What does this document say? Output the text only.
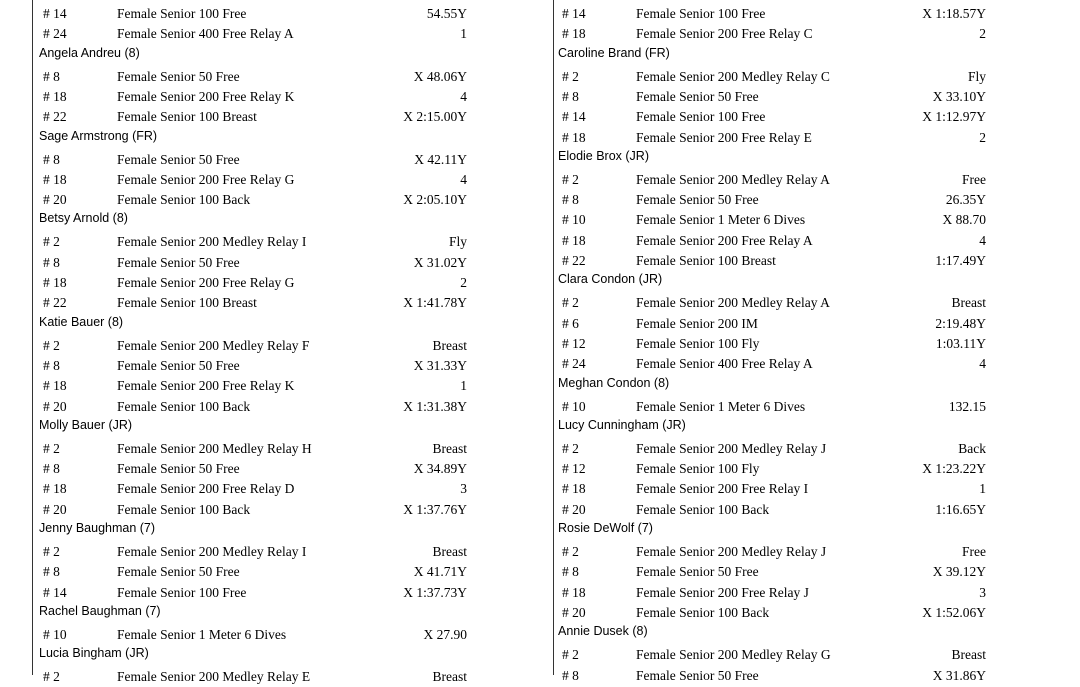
# 14	Female Senior 100 Free	54.55Y
# 24	Female Senior 400 Free Relay A	1
Angela Andreu (8)
# 8	Female Senior 50 Free	X 48.06Y
# 18	Female Senior 200 Free Relay K	4
# 22	Female Senior 100 Breast	X 2:15.00Y
Sage Armstrong (FR)
# 8	Female Senior 50 Free	X 42.11Y
# 18	Female Senior 200 Free Relay G	4
# 20	Female Senior 100 Back	X 2:05.10Y
Betsy Arnold (8)
# 2	Female Senior 200 Medley Relay I	Fly
# 8	Female Senior 50 Free	X 31.02Y
# 18	Female Senior 200 Free Relay G	2
# 22	Female Senior 100 Breast	X 1:41.78Y
Katie Bauer (8)
# 2	Female Senior 200 Medley Relay F	Breast
# 8	Female Senior 50 Free	X 31.33Y
# 18	Female Senior 200 Free Relay K	1
# 20	Female Senior 100 Back	X 1:31.38Y
Molly Bauer (JR)
# 2	Female Senior 200 Medley Relay H	Breast
# 8	Female Senior 50 Free	X 34.89Y
# 18	Female Senior 200 Free Relay D	3
# 20	Female Senior 100 Back	X 1:37.76Y
Jenny Baughman (7)
# 2	Female Senior 200 Medley Relay I	Breast
# 8	Female Senior 50 Free	X 41.71Y
# 14	Female Senior 100 Free	X 1:37.73Y
Rachel Baughman (7)
# 10	Female Senior 1 Meter 6 Dives	X 27.90
Lucia Bingham (JR)
# 2	Female Senior 200 Medley Relay E	Breast
# 14	Female Senior 100 Free	X 1:18.57Y
# 18	Female Senior 200 Free Relay C	2
Caroline Brand (FR)
# 2	Female Senior 200 Medley Relay C	Fly
# 8	Female Senior 50 Free	X 33.10Y
# 14	Female Senior 100 Free	X 1:12.97Y
# 18	Female Senior 200 Free Relay E	2
Elodie Brox (JR)
# 2	Female Senior 200 Medley Relay A	Free
# 8	Female Senior 50 Free	26.35Y
# 10	Female Senior 1 Meter 6 Dives	X 88.70
# 18	Female Senior 200 Free Relay A	4
# 22	Female Senior 100 Breast	1:17.49Y
Clara Condon (JR)
# 2	Female Senior 200 Medley Relay A	Breast
# 6	Female Senior 200 IM	2:19.48Y
# 12	Female Senior 100 Fly	1:03.11Y
# 24	Female Senior 400 Free Relay A	4
Meghan Condon (8)
# 10	Female Senior 1 Meter 6 Dives	132.15
Lucy Cunningham (JR)
# 2	Female Senior 200 Medley Relay J	Back
# 12	Female Senior 100 Fly	X 1:23.22Y
# 18	Female Senior 200 Free Relay I	1
# 20	Female Senior 100 Back	1:16.65Y
Rosie DeWolf (7)
# 2	Female Senior 200 Medley Relay J	Free
# 8	Female Senior 50 Free	X 39.12Y
# 18	Female Senior 200 Free Relay J	3
# 20	Female Senior 100 Back	X 1:52.06Y
Annie Dusek (8)
# 2	Female Senior 200 Medley Relay G	Breast
# 8	Female Senior 50 Free	X 31.86Y
